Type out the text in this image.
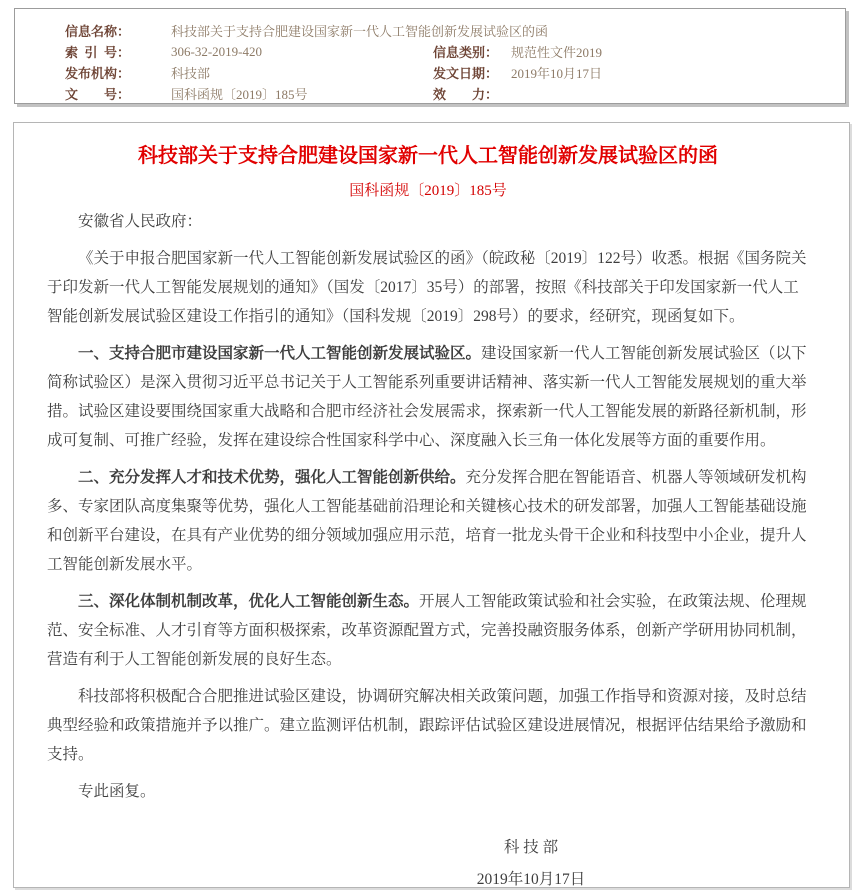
信息名称：	科技部关于支持合肥建设国家新一代人工智能创新发展试验区的函
索 引 号：	306-32-2019-420	信息类别： 规范性文件2019
发布机构：	科技部	发文日期： 2019年10月17日
文    号：	国科函规〔2019〕185号	效    力：
科技部关于支持合肥建设国家新一代人工智能创新发展试验区的函
国科函规〔2019〕185号

安徽省人民政府：

《关于申报合肥国家新一代人工智能创新发展试验区的函》（皖政秘〔2019〕122号）收悉。根据《国务院关于印发新一代人工智能发展规划的通知》（国发〔2017〕35号）的部署，按照《科技部关于印发国家新一代人工智能创新发展试验区建设工作指引的通知》（国科发规〔2019〕298号）的要求，经研究，现函复如下。

一、支持合肥市建设国家新一代人工智能创新发展试验区。建设国家新一代人工智能创新发展试验区（以下简称试验区）是深入贯彻习近平总书记关于人工智能系列重要讲话精神、落实新一代人工智能发展规划的重大举措。试验区建设要围绕国家重大战略和合肥市经济社会发展需求，探索新一代人工智能发展的新路径新机制，形成可复制、可推广经验，发挥在建设综合性国家科学中心、深度融入长三角一体化发展等方面的重要作用。

二、充分发挥人才和技术优势，强化人工智能创新供给。充分发挥合肥在智能语音、机器人等领域研发机构多、专家团队高度集聚等优势，强化人工智能基础前沿理论和关键核心技术的研发部署，加强人工智能基础设施和创新平台建设，在具有产业优势的细分领域加强应用示范，培育一批龙头骨干企业和科技型中小企业，提升人工智能创新发展水平。

三、深化体制机制改革，优化人工智能创新生态。开展人工智能政策试验和社会实验，在政策法规、伦理规范、安全标准、人才引育等方面积极探索，改革资源配置方式，完善投融资服务体系，创新产学研用协同机制，营造有利于人工智能创新发展的良好生态。

科技部将积极配合合肥推进试验区建设，协调研究解决相关政策问题，加强工作指导和资源对接，及时总结典型经验和政策措施并予以推广。建立监测评估机制，跟踪评估试验区建设进展情况，根据评估结果给予激励和支持。

专此函复。

科 技 部
2019年10月17日
